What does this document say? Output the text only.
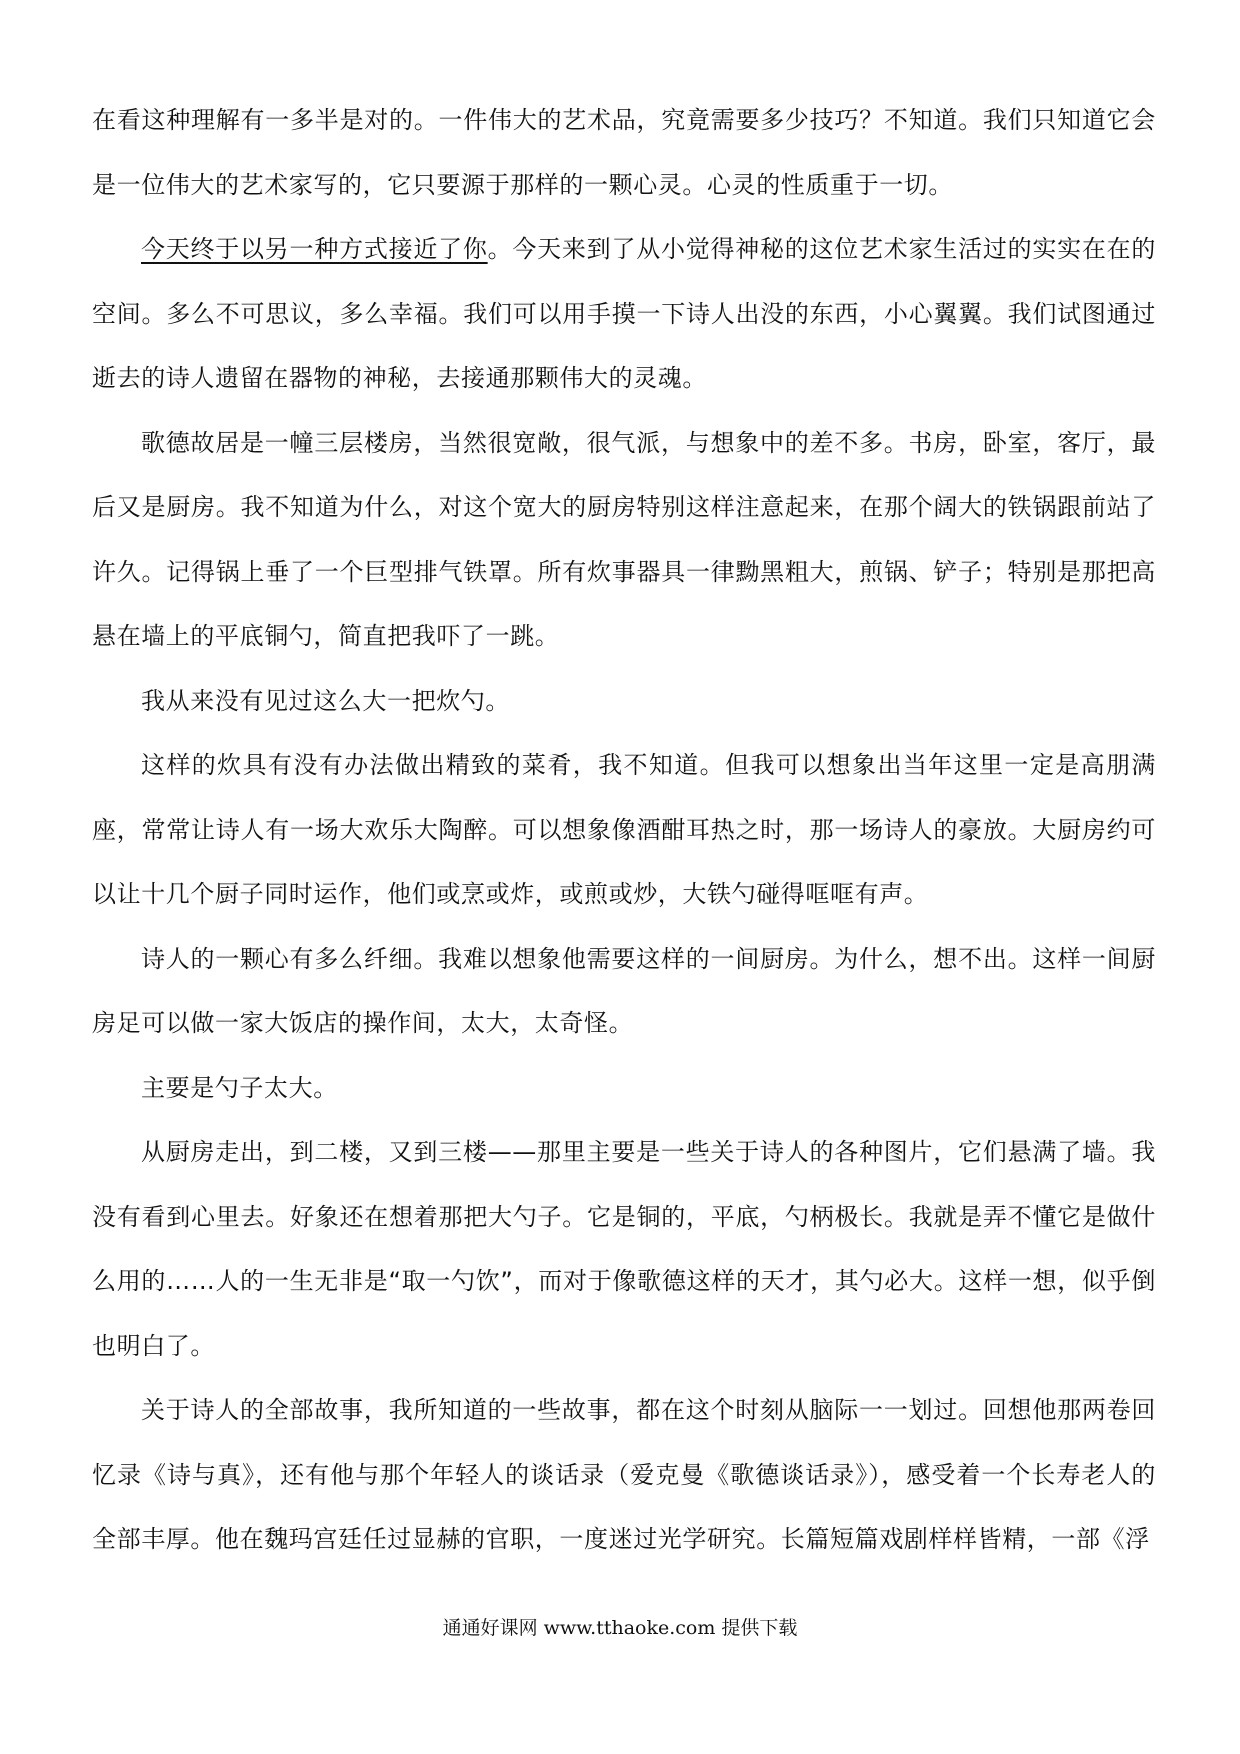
在看这种理解有一多半是对的。一件伟大的艺术品，究竟需要多少技巧？不知道。我们只知道它会是一位伟大的艺术家写的，它只要源于那样的一颗心灵。心灵的性质重于一切。

今天终于以另一种方式接近了你。今天来到了从小觉得神秘的这位艺术家生活过的实实在在的空间。多么不可思议，多么幸福。我们可以用手摸一下诗人出没的东西，小心翼翼。我们试图通过逝去的诗人遗留在器物的神秘，去接通那颗伟大的灵魂。

歌德故居是一幢三层楼房，当然很宽敞，很气派，与想象中的差不多。书房，卧室，客厅，最后又是厨房。我不知道为什么，对这个宽大的厨房特别这样注意起来，在那个阔大的铁锅跟前站了许久。记得锅上垂了一个巨型排气铁罩。所有炊事器具一律黝黑粗大，煎锅、铲子；特别是那把高悬在墙上的平底铜勺，简直把我吓了一跳。

我从来没有见过这么大一把炊勺。

这样的炊具有没有办法做出精致的菜肴，我不知道。但我可以想象出当年这里一定是高朋满座，常常让诗人有一场大欢乐大陶醉。可以想象像酒酣耳热之时，那一场诗人的豪放。大厨房约可以让十几个厨子同时运作，他们或烹或炸，或煎或炒，大铁勺碰得哐哐有声。

诗人的一颗心有多么纤细。我难以想象他需要这样的一间厨房。为什么，想不出。这样一间厨房足可以做一家大饭店的操作间，太大，太奇怪。

主要是勺子太大。

从厨房走出，到二楼，又到三楼——那里主要是一些关于诗人的各种图片，它们悬满了墙。我没有看到心里去。好象还在想着那把大勺子。它是铜的，平底，勺柄极长。我就是弄不懂它是做什么用的……人的一生无非是“取一勺饮”，而对于像歌德这样的天才，其勺必大。这样一想，似乎倒也明白了。

关于诗人的全部故事，我所知道的一些故事，都在这个时刻从脑际一一划过。回想他那两卷回忆录《诗与真》，还有他与那个年轻人的谈话录（爱克曼《歌德谈话录》），感受着一个长寿老人的全部丰厚。他在魏玛宫廷任过显赫的官职，一度迷过光学研究。长篇短篇戏剧样样皆精，一部《浮

通通好课网 www.tthaoke.com 提供下载
